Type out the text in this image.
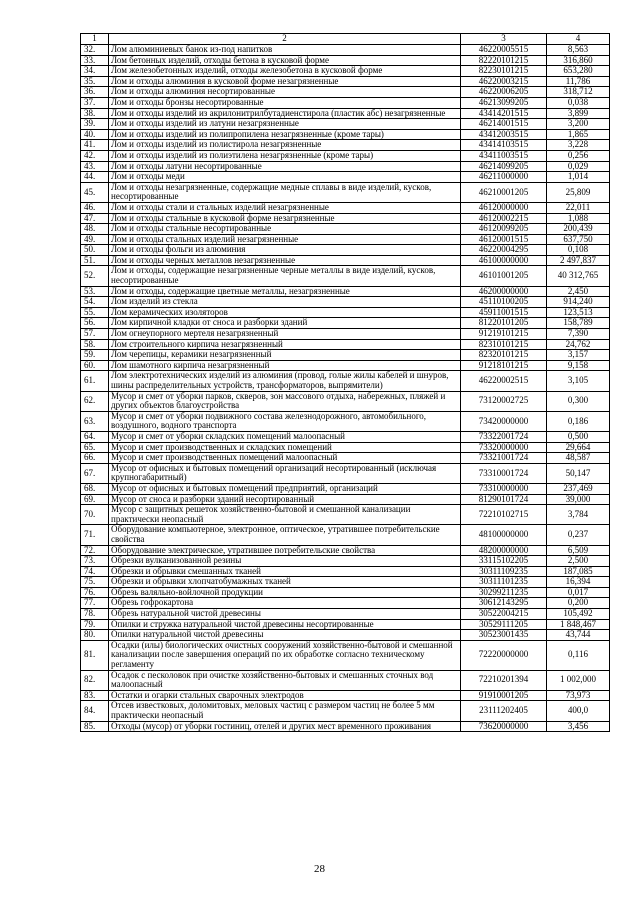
1	2	3	4
32.	Лом алюминиевых банок из-под напитков	46220005515	8,563
33.	Лом бетонных изделий, отходы бетона в кусковой форме	82220101215	316,860
34.	Лом железобетонных изделий, отходы железобетона в кусковой форме	82230101215	653,280
35.	Лом и отходы алюминия в кусковой форме незагрязненные	46220003215	11,786
36.	Лом и отходы алюминия несортированные	46220006205	318,712
37.	Лом и отходы бронзы несортированные	46213099205	0,038
38.	Лом и отходы изделий из акрилонитрилбутадиенстирола (пластик абс) незагрязненные	43414201515	3,899
39.	Лом и отходы изделий из латуни незагрязненные	46214001515	3,200
40.	Лом и отходы изделий из полипропилена незагрязненные (кроме тары)	43412003515	1,865
41.	Лом и отходы изделий из полистирола незагрязненные	43414103515	3,228
42.	Лом и отходы изделий из полиэтилена незагрязненные (кроме тары)	43411003515	0,256
43.	Лом и отходы латуни несортированные	46214099205	0,029
44.	Лом и отходы меди	46211000000	1,014
45.	Лом и отходы незагрязненные, содержащие медные сплавы в виде изделий, кусков, несортированные	46210001205	25,809
46.	Лом и отходы стали и стальных изделий незагрязненные	46120000000	22,011
47.	Лом и отходы стальные в кусковой форме незагрязненные	46120002215	1,088
48.	Лом и отходы стальные несортированные	46120099205	200,439
49.	Лом и отходы стальных изделий незагрязненные	46120001515	637,750
50.	Лом и отходы фольги из алюминия	46220004295	0,108
51.	Лом и отходы черных металлов незагрязненные	46100000000	2 497,837
52.	Лом и отходы, содержащие незагрязненные черные металлы в виде изделий, кусков, несортированные	46101001205	40 312,765
53.	Лом и отходы, содержащие цветные металлы, незагрязненные	46200000000	2,450
54.	Лом изделий из стекла	45110100205	914,240
55.	Лом керамических изоляторов	45911001515	123,513
56.	Лом кирпичной кладки от сноса и разборки зданий	81220101205	158,789
57.	Лом огнеупорного мертеля незагрязненный	91219101215	7,390
58.	Лом строительного кирпича незагрязненный	82310101215	24,762
59.	Лом черепицы, керамики незагрязненный	82320101215	3,157
60.	Лом шамотного кирпича незагрязненный	91218101215	9,158
61.	Лом электротехнических изделий из алюминия (провод, голые жилы кабелей и шнуров, шины распределительных устройств, трансформаторов, выпрямители)	46220002515	3,105
62.	Мусор и смет от уборки парков, скверов, зон массового отдыха, набережных, пляжей и других объектов благоустройства	73120002725	0,300
63.	Мусор и смет от уборки подвижного состава железнодорожного, автомобильного, воздушного, водного транспорта	73420000000	0,186
64.	Мусор и смет от уборки складских помещений малоопасный	73322001724	0,500
65.	Мусор и смет производственных и складских помещений	73320000000	29,664
66.	Мусор и смет производственных помещений малоопасный	73321001724	48,587
67.	Мусор от офисных и бытовых помещений организаций несортированный (исключая крупногабаритный)	73310001724	50,147
68.	Мусор от офисных и бытовых помещений предприятий, организаций	73310000000	237,469
69.	Мусор от сноса и разборки зданий несортированный	81290101724	39,000
70.	Мусор с защитных решеток хозяйственно-бытовой и смешанной канализации практически неопасный	72210102715	3,784
71.	Оборудование компьютерное, электронное, оптическое, утратившее потребительские свойства	48100000000	0,237
72.	Оборудование электрическое, утратившее потребительские свойства	48200000000	6,509
73.	Обрезки вулканизованной резины	33115102205	2,500
74.	Обрезки и обрывки смешанных тканей	30311109235	187,085
75.	Обрезки и обрывки хлопчатобумажных тканей	30311101235	16,394
76.	Обрезь валяльно-войлочной продукции	30299211235	0,017
77.	Обрезь гофрокартона	30612143295	0,200
78.	Обрезь натуральной чистой древесины	30522004215	105,492
79.	Опилки и стружка натуральной чистой древесины несортированные	30529111205	1 848,467
80.	Опилки натуральной чистой древесины	30523001435	43,744
81.	Осадки (илы) биологических очистных сооружений хозяйственно-бытовой и смешанной канализации после завершения операций по их обработке согласно техническому регламенту	72220000000	0,116
82.	Осадок с песколовок при очистке хозяйственно-бытовых и смешанных сточных вод малоопасный	72210201394	1 002,000
83.	Остатки и огарки стальных сварочных электродов	91910001205	73,973
84.	Отсев известковых, доломитовых, меловых частиц с размером частиц не более 5 мм практически неопасный	23111202405	400,0
85.	Отходы (мусор) от уборки гостиниц, отелей и других мест временного проживания	73620000000	3,456
28
